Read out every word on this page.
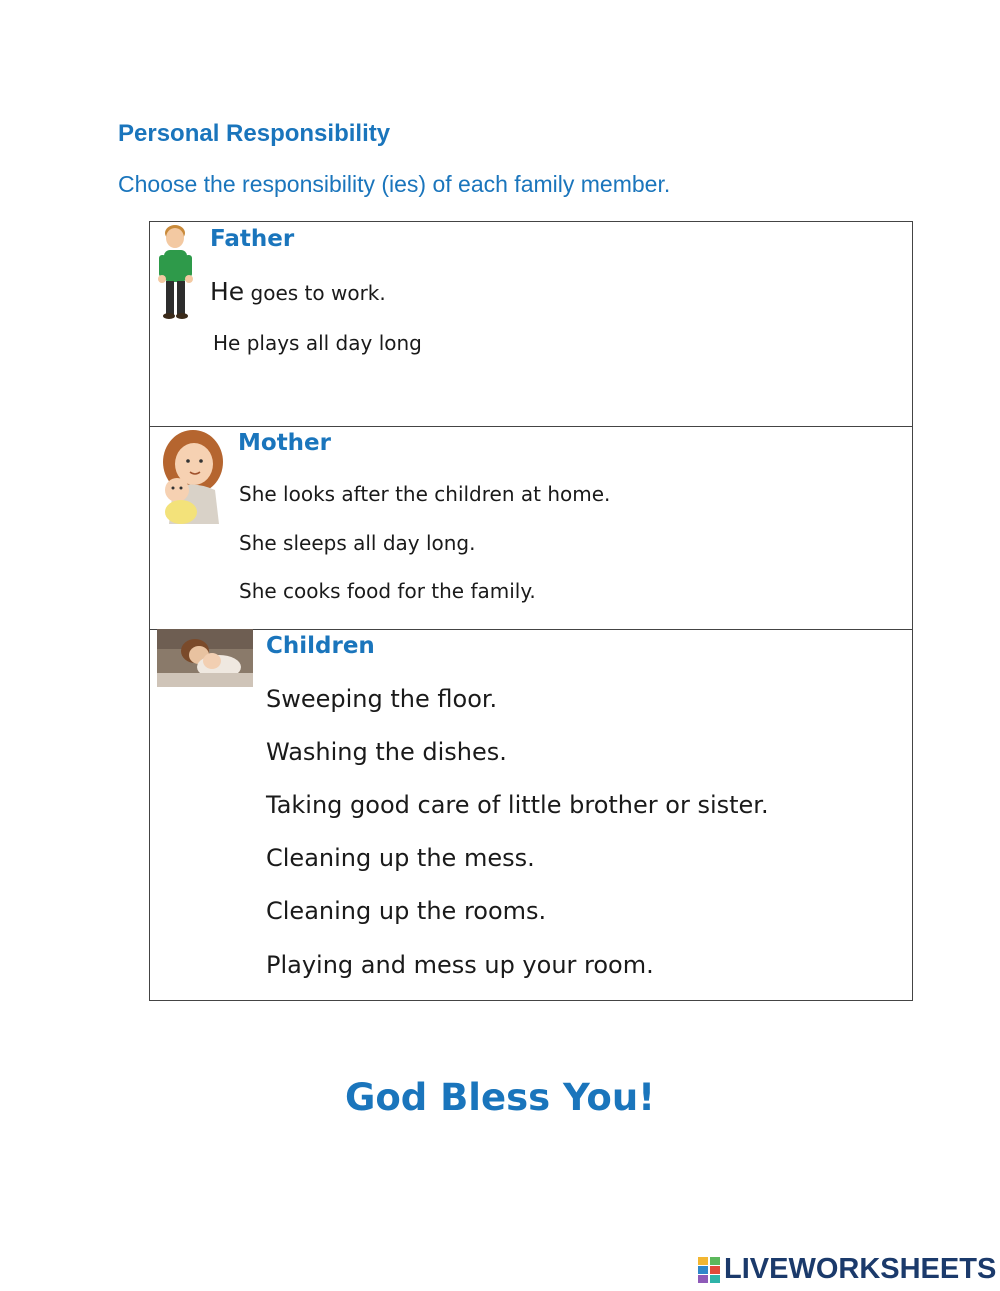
Personal Responsibility
Choose the responsibility (ies) of each family member.
Father
He goes to work.
He plays all day long
Mother
She looks after the children at home.
She sleeps all day long.
She cooks food for the family.
Children
Sweeping the floor.
Washing the dishes.
Taking good care of little brother or sister.
Cleaning up the mess.
Cleaning up the rooms.
Playing and mess up your room.
God Bless You!
LIVEWORKSHEETS
